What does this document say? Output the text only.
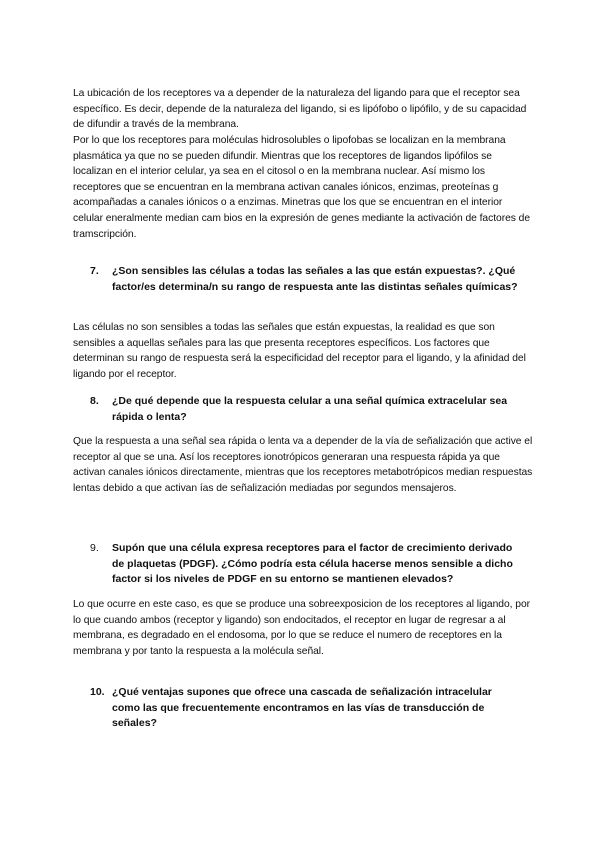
La ubicación de los receptores va a depender de la naturaleza del ligando para que el receptor sea específico. Es decir, depende de la naturaleza del ligando, si es lipófobo o lipófilo, y de su capacidad de difundir a través de la membrana.

Por lo que los receptores para moléculas hidrosolubles o lipofobas se localizan en la membrana plasmática ya que no se pueden difundir. Mientras que los receptores de ligandos lipófilos se localizan en el interior celular, ya sea en el citosol o en la membrana nuclear. Así mismo los receptores que se encuentran en la membrana activan canales iónicos, enzimas, preoteínas g acompañadas a canales iónicos o a enzimas. Minetras que los que se encuentran en el interior celular eneralmente median cam bios en la expresión de genes mediante la activación de factores de tramscripción.

7.	¿Son sensibles las células a todas las señales a las que están expuestas?. ¿Qué factor/es determina/n su rango de respuesta ante las distintas señales químicas?

Las células no son sensibles a todas las señales que están expuestas, la realidad es que son sensibles a aquellas señales para las que presenta receptores específicos. Los factores que determinan su rango de respuesta será la especificidad del receptor para el ligando, y la afinidad del ligando por el receptor.

8.	¿De qué depende que la respuesta celular a una señal química extracelular sea rápida o lenta?

Que la respuesta a una señal sea rápida o lenta va a depender de la vía de señalización que active el receptor al que se una. Así los receptores ionotrópicos generaran una respuesta rápida ya que activan canales iónicos directamente, mientras que los receptores metabotrópicos median respuestas lentas debido a que activan ías de señalización mediadas por segundos mensajeros.

9.	Supón que una célula expresa receptores para el factor de crecimiento derivado de plaquetas (PDGF). ¿Cómo podría esta célula hacerse menos sensible a dicho factor si los niveles de PDGF en su entorno se mantienen elevados?

Lo que ocurre en este caso, es que se produce una sobreexposicion de los receptores al ligando, por lo que cuando ambos (receptor y ligando) son endocitados, el receptor en lugar de regresar a al membrana, es degradado en el endosoma, por lo que se reduce el numero de receptores en la membrana y por tanto la respuesta a la molécula señal.

10. ¿Qué ventajas supones que ofrece una cascada de señalización intracelular como las que frecuentemente encontramos en las vías de transducción de señales?
